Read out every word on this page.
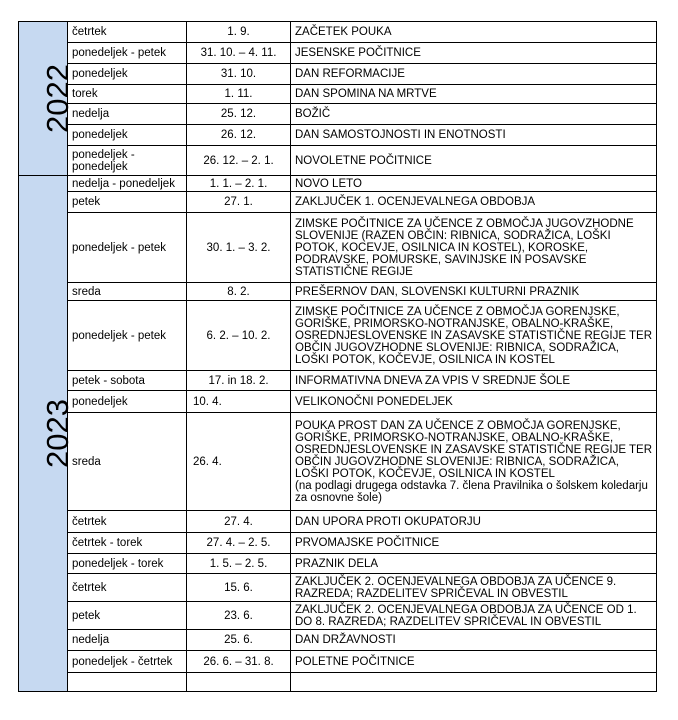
2022	četrtek	1. 9.	ZAČETEK POUKA
	ponedeljek - petek	31. 10. – 4. 11.	JESENSKE POČITNICE
	ponedeljek	31. 10.	DAN REFORMACIJE
	torek	1. 11.	DAN SPOMINA NA MRTVE
	nedelja	25. 12.	BOŽIČ
	ponedeljek	26. 12.	DAN SAMOSTOJNOSTI IN ENOTNOSTI
	ponedeljek - ponedeljek	26. 12. – 2. 1.	NOVOLETNE POČITNICE
2023	nedelja - ponedeljek	1. 1. – 2. 1.	NOVO LETO
	petek	27. 1.	ZAKLJUČEK 1. OCENJEVALNEGA OBDOBJA
	ponedeljek - petek	30. 1. – 3. 2.	ZIMSKE POČITNICE ZA UČENCE Z OBMOČJA JUGOVZHODNE SLOVENIJE (RAZEN OBČIN: RIBNICA, SODRAŽICA, LOŠKI POTOK, KOCEVJE, OSILNICA IN KOSTEL), KOROSKE, PODRAVSKE, POMURSKE, SAVINJSKE IN POSAVSKE STATISTIČNE REGIJE
	sreda	8. 2.	PREŠERNOV DAN, SLOVENSKI KULTURNI PRAZNIK
	ponedeljek - petek	6. 2. – 10. 2.	ZIMSKE POČITNICE ZA UČENCE Z OBMOČJA GORENJSKE, GORIŠKE, PRIMORSKO-NOTRANJSKE, OBALNO-KRAŠKE, OSREDNJESLOVENSKE IN ZASAVSKE STATISTIČNE REGIJE TER OBČIN JUGOVZHODNE SLOVENIJE: RIBNICA, SODRAŽICA, LOŠKI POTOK, KOČEVJE, OSILNICA IN KOSTEL
	petek - sobota	17. in 18. 2.	INFORMATIVNA DNEVA ZA VPIS V SREDNJE ŠOLE
	ponedeljek	10. 4.	VELIKONOČNI PONEDELJEK
	sreda	26. 4.	POUKA PROST DAN ZA UČENCE Z OBMOČJA GORENJSKE, GORIŠKE, PRIMORSKO-NOTRANJSKE, OBALNO-KRAŠKE, OSREDNJESLOVENSKE IN ZASAVSKE STATISTIČNE REGIJE TER OBČIN JUGOVZHODNE SLOVENIJE: RIBNICA, SODRAŽICA, LOŠKI POTOK, KOČEVJE, OSILNICA IN KOSTEL
(na podlagi drugega odstavka 7. člena Pravilnika o šolskem koledarju za osnovne šole)

	četrtek	27. 4.	DAN UPORA PROTI OKUPATORJU
	četrtek - torek	27. 4. – 2. 5.	PRVOMAJSKE POČITNICE
	ponedeljek - torek	1. 5. – 2. 5.	PRAZNIK DELA
	četrtek	15. 6.	ZAKLJUČEK 2. OCENJEVALNEGA OBDOBJA ZA UČENCE 9. RAZREDA; RAZDELITEV SPRIČEVAL IN OBVESTIL
	petek	23. 6.	ZAKLJUČEK 2. OCENJEVALNEGA OBDOBJA ZA UČENCE OD 1. DO 8. RAZREDA; RAZDELITEV SPRIČEVAL IN OBVESTIL
	nedelja	25. 6.	DAN DRŽAVNOSTI
	ponedeljek - četrtek	26. 6. – 31. 8.	POLETNE POČITNICE
